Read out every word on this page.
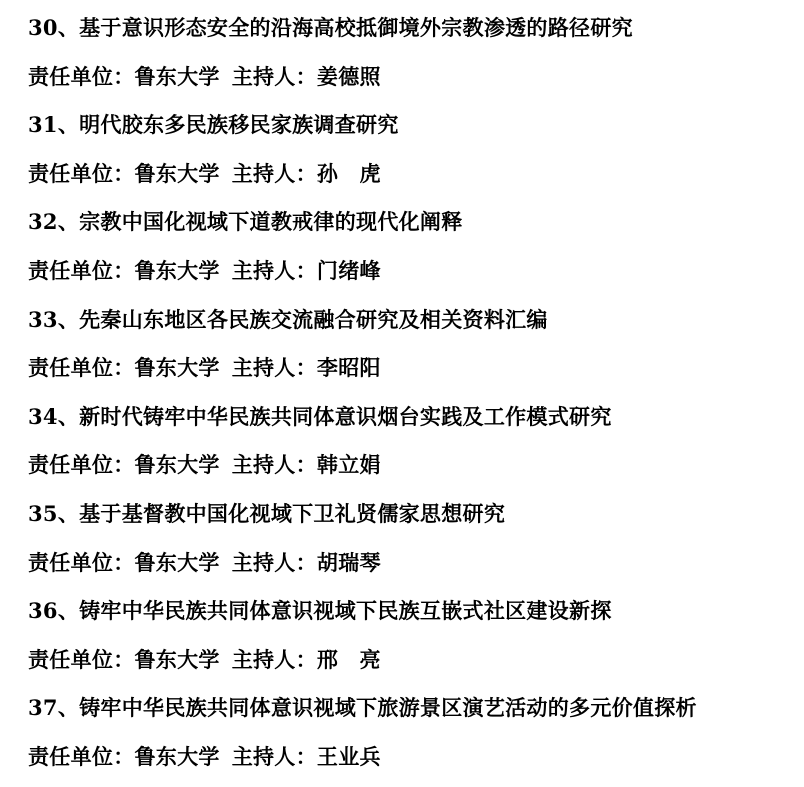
30、基于意识形态安全的沿海高校抵御境外宗教渗透的路径研究
责任单位：鲁东大学 主持人：姜德照
31、明代胶东多民族移民家族调查研究
责任单位：鲁东大学 主持人：孙　虎
32、宗教中国化视域下道教戒律的现代化阐释
责任单位：鲁东大学 主持人：门绪峰
33、先秦山东地区各民族交流融合研究及相关资料汇编
责任单位：鲁东大学 主持人：李昭阳
34、新时代铸牢中华民族共同体意识烟台实践及工作模式研究
责任单位：鲁东大学 主持人：韩立娟
35、基于基督教中国化视域下卫礼贤儒家思想研究
责任单位：鲁东大学 主持人：胡瑞琴
36、铸牢中华民族共同体意识视域下民族互嵌式社区建设新探
责任单位：鲁东大学 主持人：邢　亮
37、铸牢中华民族共同体意识视域下旅游景区演艺活动的多元价值探析
责任单位：鲁东大学 主持人：王业兵
